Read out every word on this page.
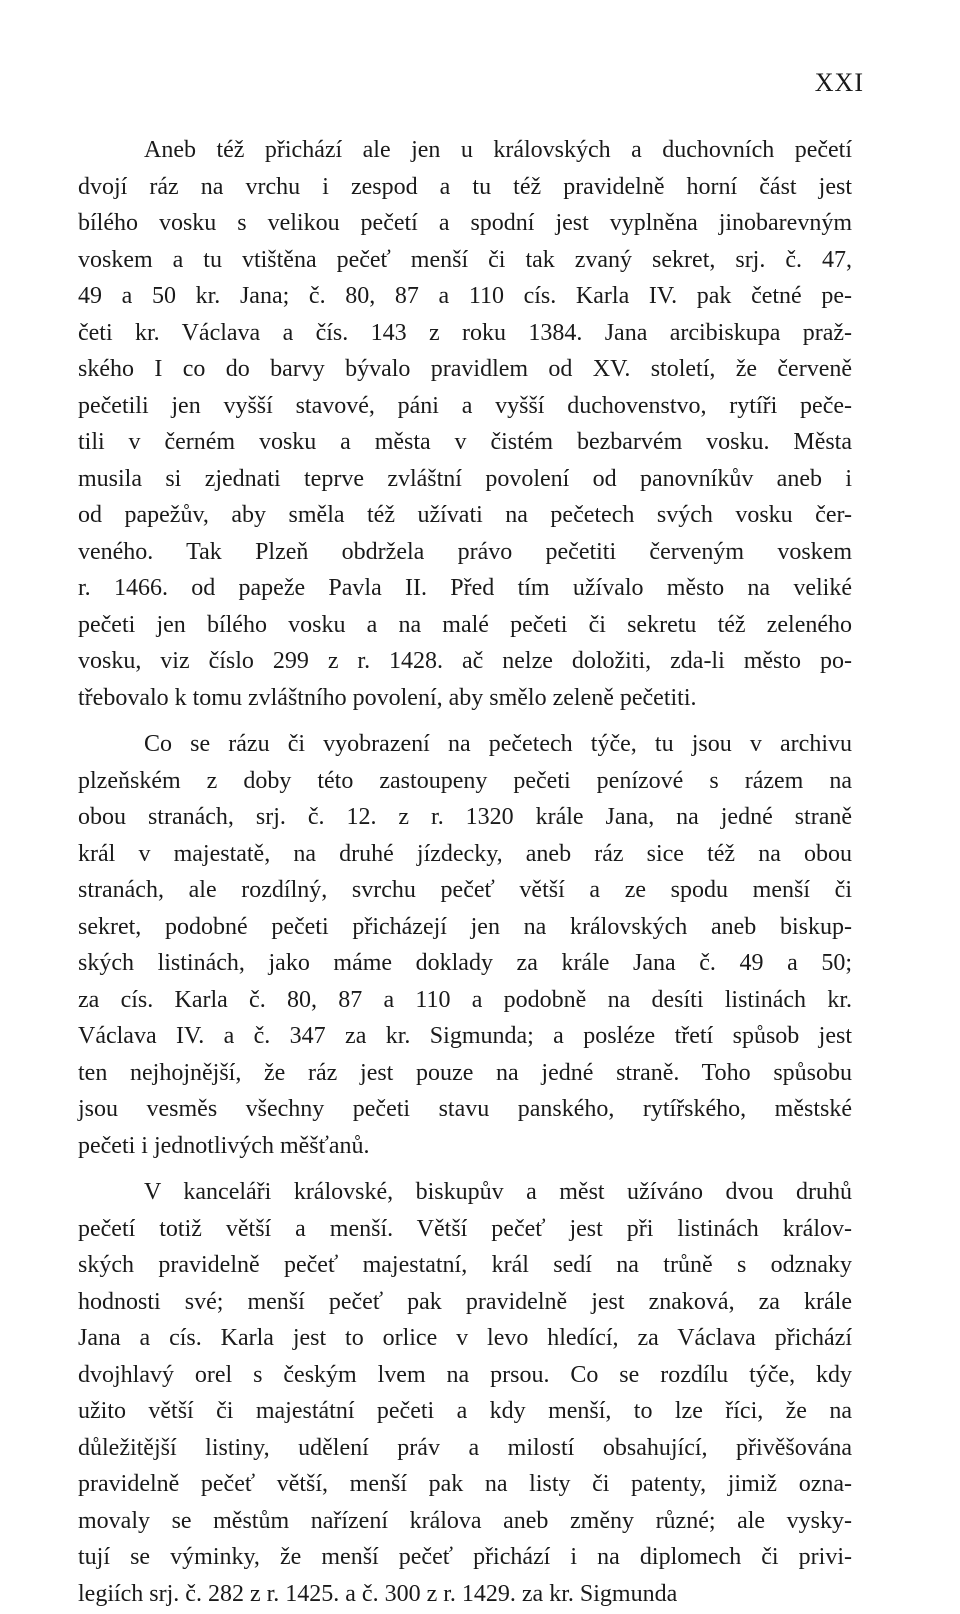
XXI
Aneb též přichází ale jen u královských a duchovních pečetí
dvojí ráz na vrchu i zespod a tu též pravidelně horní část jest
bílého vosku s velikou pečetí a spodní jest vyplněna jinobarevným
voskem a tu vtištěna pečeť menší či tak zvaný sekret, srj. č. 47,
49 a 50 kr. Jana; č. 80, 87 a 110 cís. Karla IV. pak četné pe-
četi kr. Václava a čís. 143 z roku 1384. Jana arcibiskupa praž-
ského I co do barvy bývalo pravidlem od XV. století, že červeně
pečetili jen vyšší stavové, páni a vyšší duchovenstvo, rytíři peče-
tili v černém vosku a města v čistém bezbarvém vosku. Města
musila si zjednati teprve zvláštní povolení od panovníkův aneb i
od papežův, aby směla též užívati na pečetech svých vosku čer-
veného. Tak Plzeň obdržela právo pečetiti červeným voskem
r. 1466. od papeže Pavla II. Před tím užívalo město na veliké
pečeti jen bílého vosku a na malé pečeti či sekretu též zeleného
vosku, viz číslo 299 z r. 1428. ač nelze doložiti, zda-li město po-
třebovalo k tomu zvláštního povolení, aby smělo zeleně pečetiti.
Co se rázu či vyobrazení na pečetech týče, tu jsou v archivu
plzeňském z doby této zastoupeny pečeti penízové s rázem na
obou stranách, srj. č. 12. z r. 1320 krále Jana, na jedné straně
král v majestatě, na druhé jízdecky, aneb ráz sice též na obou
stranách, ale rozdílný, svrchu pečeť větší a ze spodu menší či
sekret, podobné pečeti přicházejí jen na královských aneb biskup-
ských listinách, jako máme doklady za krále Jana č. 49 a 50;
za cís. Karla č. 80, 87 a 110 a podobně na desíti listinách kr.
Václava IV. a č. 347 za kr. Sigmunda; a posléze třetí spůsob jest
ten nejhojnější, že ráz jest pouze na jedné straně. Toho spůsobu
jsou vesměs všechny pečeti stavu panského, rytířského, městské
pečeti i jednotlivých měšťanů.
V kanceláři královské, biskupův a měst užíváno dvou druhů
pečetí totiž větší a menší. Větší pečeť jest při listinách králov-
ských pravidelně pečeť majestatní, král sedí na trůně s odznaky
hodnosti své; menší pečeť pak pravidelně jest znaková, za krále
Jana a cís. Karla jest to orlice v levo hledící, za Václava přichází
dvojhlavý orel s českým lvem na prsou. Co se rozdílu týče, kdy
užito větší či majestátní pečeti a kdy menší, to lze říci, že na
důležitější listiny, udělení práv a milostí obsahující, přivěšována
pravidelně pečeť větší, menší pak na listy či patenty, jimiž ozna-
movaly se městům nařízení králova aneb změny různé; ale vysky-
tují se výminky, že menší pečeť přichází i na diplomech či privi-
legiích srj. č. 282 z r. 1425. a č. 300 z r. 1429. za kr. Sigmunda
